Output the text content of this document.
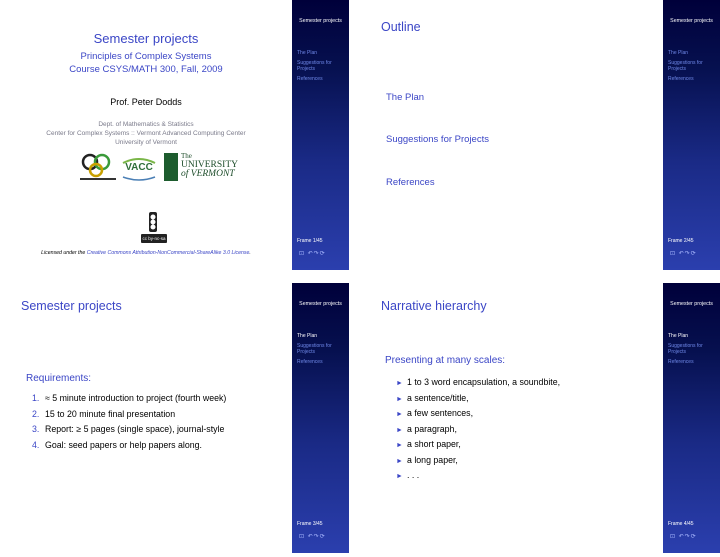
Semester projects
Principles of Complex Systems
Course CSYS/MATH 300, Fall, 2009
Prof. Peter Dodds
Dept. of Mathematics & Statistics
Center for Complex Systems :: Vermont Advanced Computing Center
University of Vermont
VACC
The
UNIVERSITY
of VERMONT
cc by-nc-sa
Licensed under the Creative Commons Attribution-NonCommercial-ShareAlike 3.0 License.
Semester projects
The Plan
Suggestions for Projects
References
Frame 1/45
⊡ ↶↷⟳
Outline
The Plan
Suggestions for Projects
References
Semester projects
The Plan
Suggestions for Projects
References
Frame 2/45
⊡ ↶↷⟳
Semester projects
Requirements:
1. ≈ 5 minute introduction to project (fourth week)
2. 15 to 20 minute final presentation
3. Report: ≥ 5 pages (single space), journal-style
4. Goal: seed papers or help papers along.
Semester projects
The Plan
Suggestions for Projects
References
Frame 3/45
⊡ ↶↷⟳
Narrative hierarchy
Presenting at many scales:
► 1 to 3 word encapsulation, a soundbite,
► a sentence/title,
► a few sentences,
► a paragraph,
► a short paper,
► a long paper,
► . . .
Semester projects
The Plan
Suggestions for Projects
References
Frame 4/45
⊡ ↶↷⟳
